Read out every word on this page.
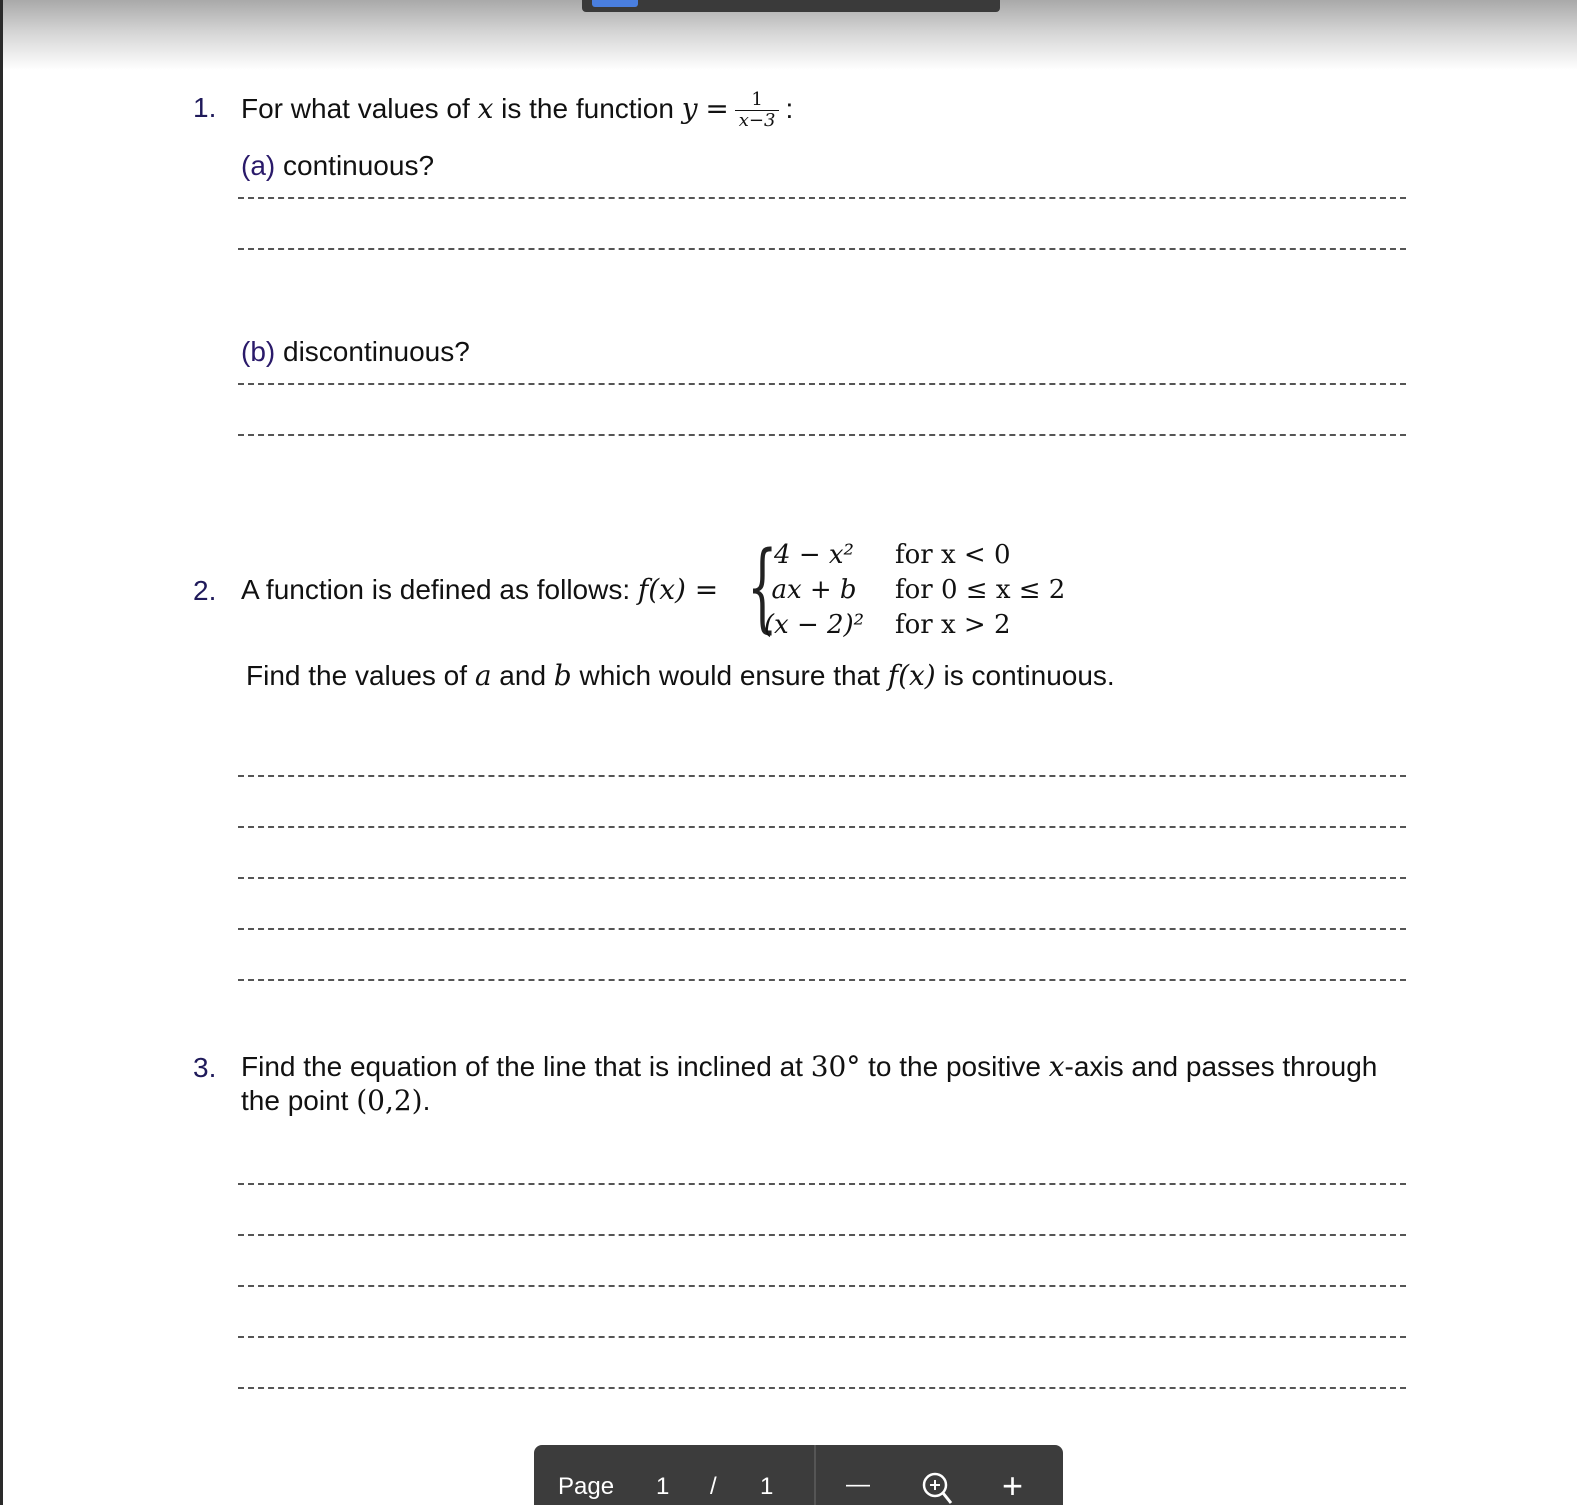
1. For what values of x is the function $y = \frac{1}{x-3}$ :
(a) continuous?
(b) discontinuous?
2. A function is defined as follows: f(x) = {
4 − x²	for x < 0
ax + b	for 0 ≤ x ≤ 2
(x − 2)² for x > 2
Find the values of a and b which would ensure that f(x) is continuous.
3. Find the equation of the line that is inclined at 30° to the positive x-axis and passes through
the point (0,2).
Page 1 / 1	—	+
